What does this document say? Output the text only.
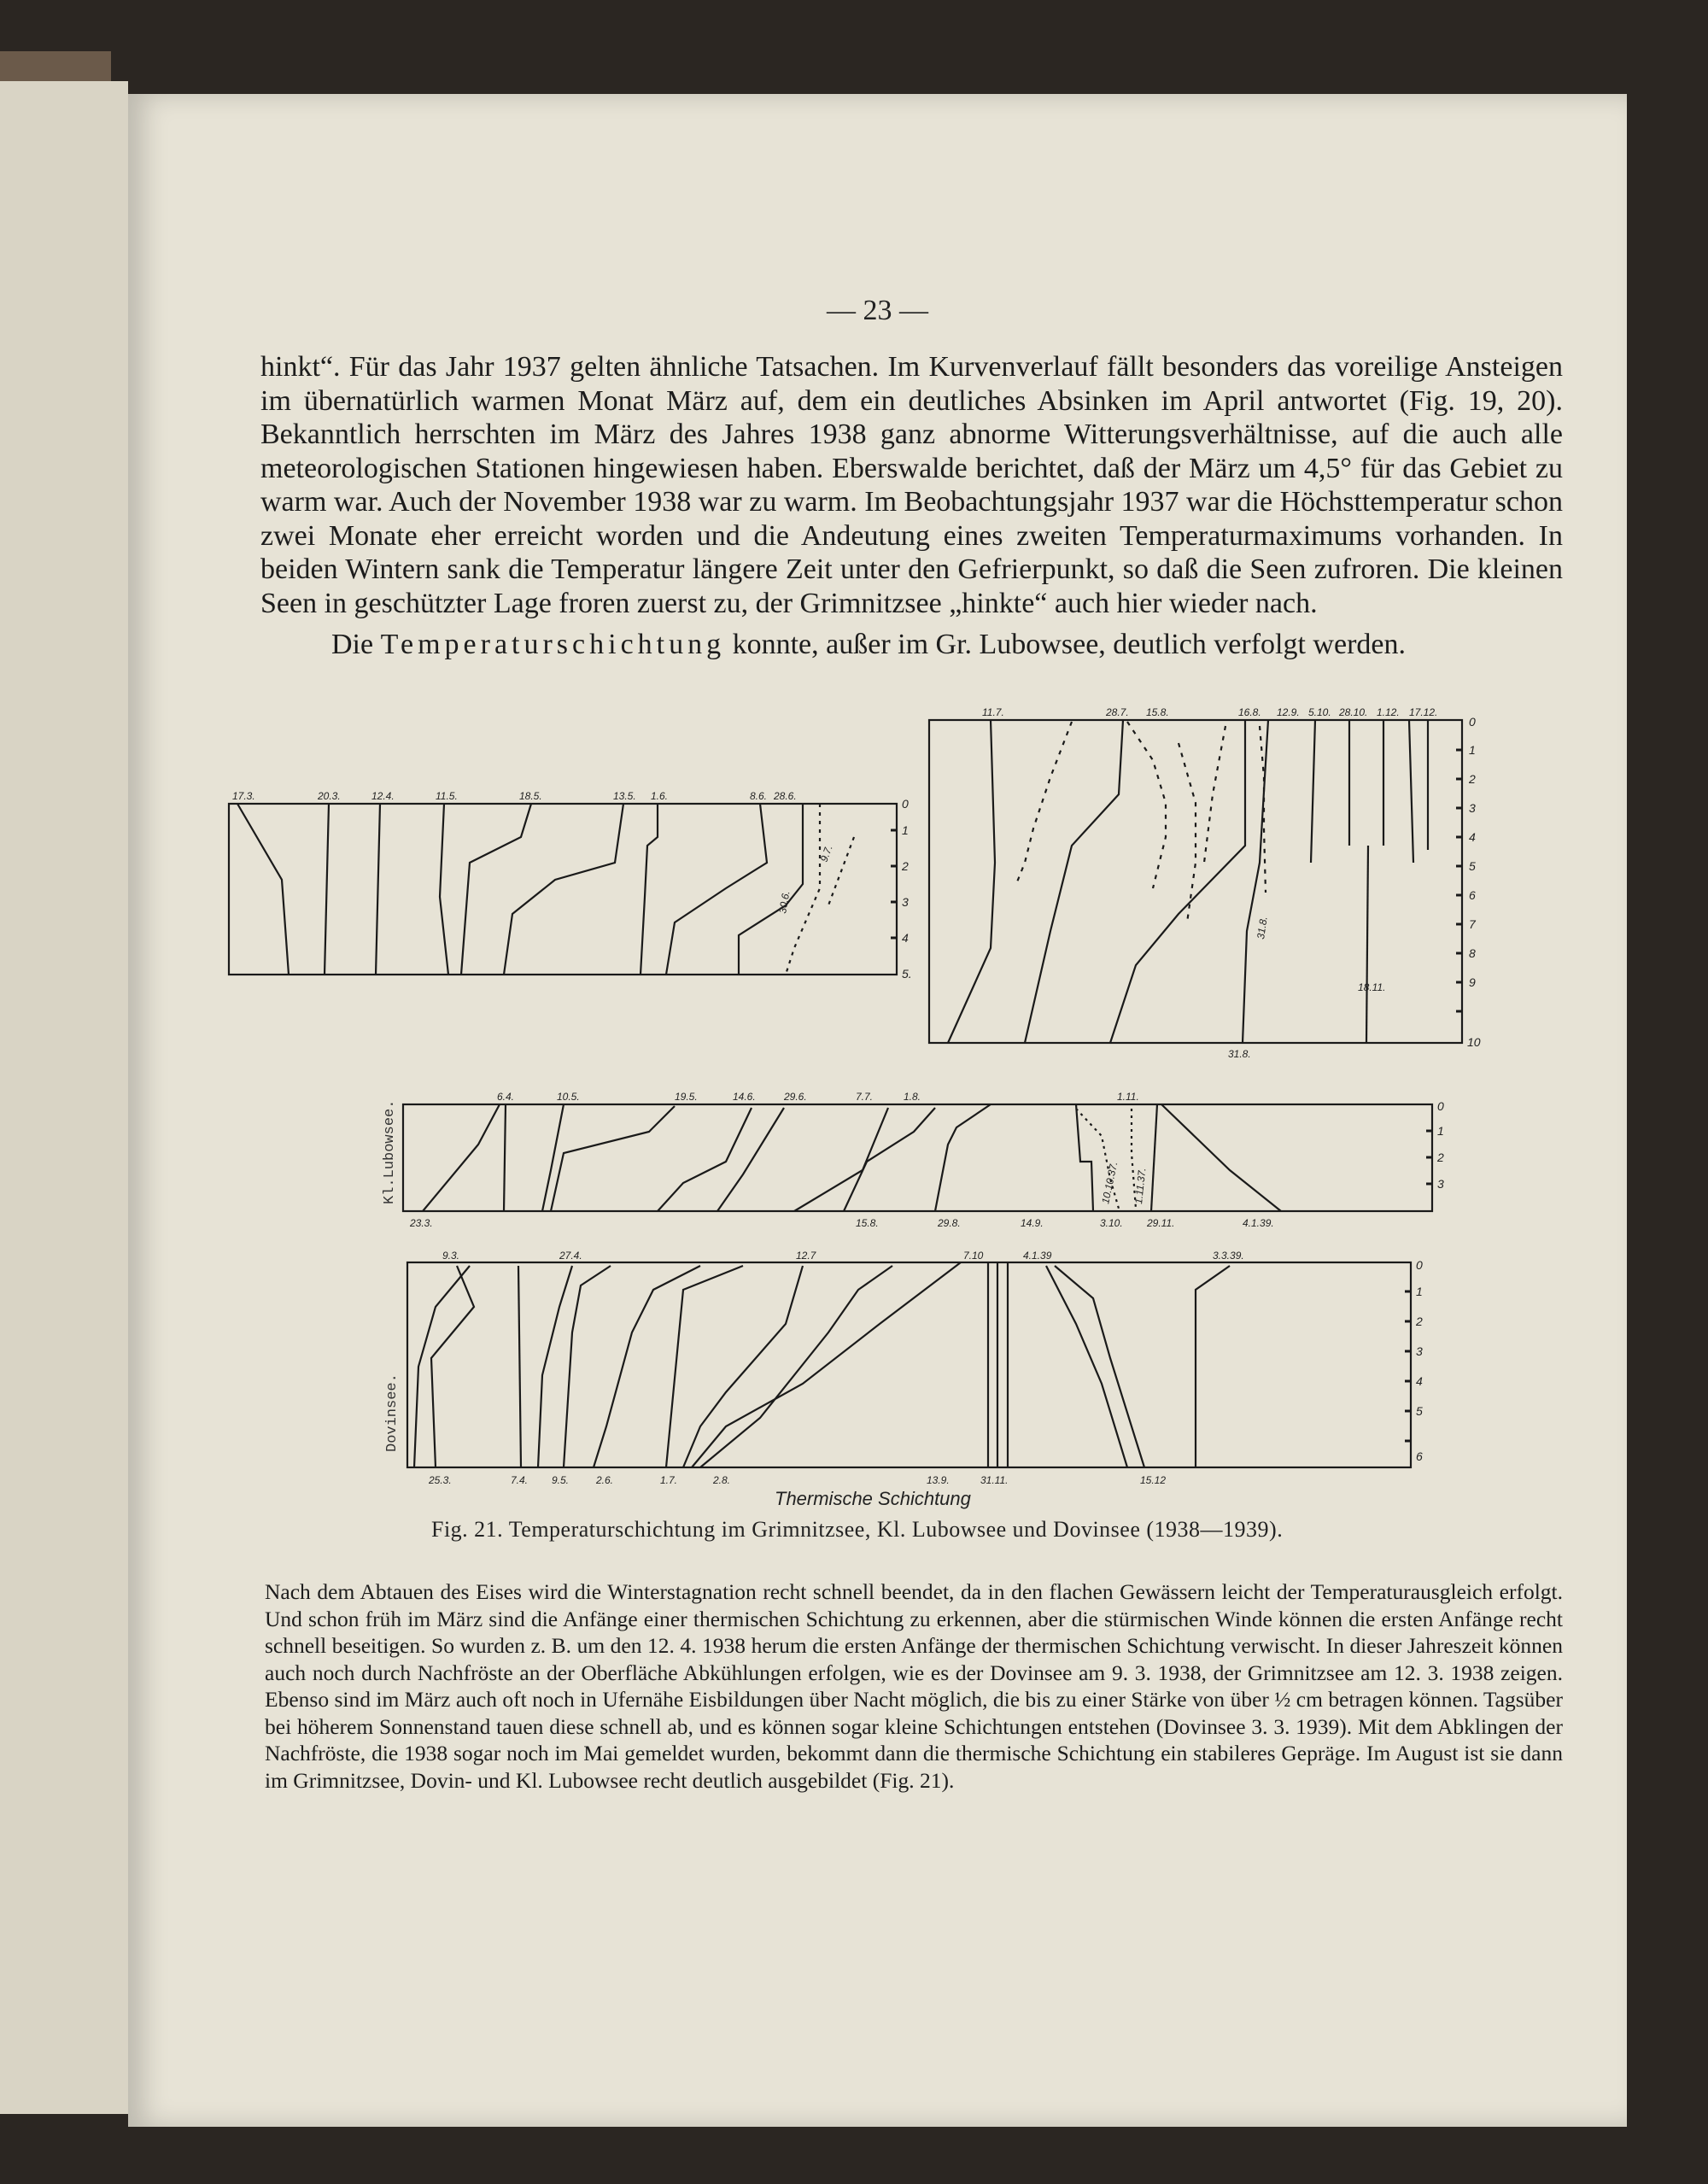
— 23 —
hinkt“. Für das Jahr 1937 gelten ähnliche Tatsachen. Im Kurvenverlauf fällt besonders das voreilige Ansteigen im übernatürlich warmen Monat März auf, dem ein deutliches Absinken im April antwortet (Fig. 19, 20). Bekanntlich herrschten im März des Jahres 1938 ganz abnorme Witterungsverhältnisse, auf die auch alle meteorologischen Stationen hingewiesen haben. Eberswalde berichtet, daß der März um 4,5° für das Gebiet zu warm war. Auch der November 1938 war zu warm. Im Beobachtungsjahr 1937 war die Höchsttemperatur schon zwei Monate eher erreicht worden und die Andeutung eines zweiten Temperaturmaximums vorhanden. In beiden Wintern sank die Temperatur längere Zeit unter den Gefrierpunkt, so daß die Seen zufroren. Die kleinen Seen in geschützter Lage froren zuerst zu, der Grimnitzsee „hinkte“ auch hier wieder nach.
Die Temperaturschichtung konnte, außer im Gr. Lubowsee, deutlich verfolgt werden.
17.3.	20.3.	12.4.	11.5.	18.5.	13.5. 1.6.	8.6. 28.6.
30.6.
9.7.
0
1
2
3
4
5.
11.7.	28.7. 15.8.	16.8. 12.9. 5.10. 28.10. 1.12. 17.12.
31.8.
18.11.
31.8.
0
1
2
3
4
5
6
7
8
9
10
Kl.Lubowsee.
6.4.	10.5.	19.5.	14.6.	29.6.	7.7.	1.8.	1.11.
10.10.37. 1.11.37.
23.3.	15.8.	29.8.	14.9.	3.10. 29.11.	4.1.39.
0
1
2
3
Dovinsee.
9.3.	27.4.	12.7	7.10	4.1.39	3.3.39.
25.3.	7.4. 9.5.	2.6.	1.7.	2.8.	13.9.	31.11.	15.12
0
1
2
3
4
5
6
Thermische Schichtung
Fig. 21. Temperaturschichtung im Grimnitzsee, Kl. Lubowsee und Dovinsee (1938—1939).
Nach dem Abtauen des Eises wird die Winterstagnation recht schnell beendet, da in den flachen Gewässern leicht der Temperaturausgleich erfolgt. Und schon früh im März sind die Anfänge einer thermischen Schichtung zu erkennen, aber die stürmischen Winde können die ersten Anfänge recht schnell beseitigen. So wurden z. B. um den 12. 4. 1938 herum die ersten Anfänge der thermischen Schichtung verwischt. In dieser Jahreszeit können auch noch durch Nachfröste an der Oberfläche Abkühlungen erfolgen, wie es der Dovinsee am 9. 3. 1938, der Grimnitzsee am 12. 3. 1938 zeigen. Ebenso sind im März auch oft noch in Ufernähe Eisbildungen über Nacht möglich, die bis zu einer Stärke von über ½ cm betragen können. Tagsüber bei höherem Sonnenstand tauen diese schnell ab, und es können sogar kleine Schichtungen entstehen (Dovinsee 3. 3. 1939). Mit dem Abklingen der Nachfröste, die 1938 sogar noch im Mai gemeldet wurden, bekommt dann die thermische Schichtung ein stabileres Gepräge. Im August ist sie dann im Grimnitzsee, Dovin- und Kl. Lubowsee recht deutlich ausgebildet (Fig. 21).
